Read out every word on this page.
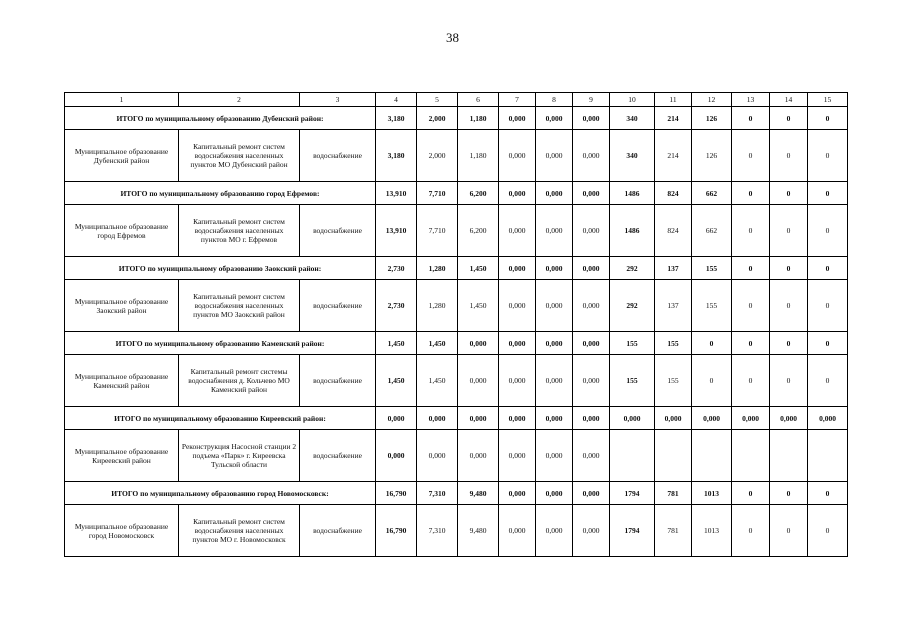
38
1	2	3	4	5	6	7	8	9	10	11	12	13	14	15
ИТОГО по муниципальному образованию Дубенский район:			3,180	2,000	1,180	0,000	0,000	0,000	340	214	126	0	0	0
Муниципальное образование Дубенский район	Капитальный ремонт систем водоснабжения населенных пунктов МО Дубенский район	водоснабжение	3,180	2,000	1,180	0,000	0,000	0,000	340	214	126	0	0	0
ИТОГО по муниципальному образованию город Ефремов:			13,910	7,710	6,200	0,000	0,000	0,000	1486	824	662	0	0	0
Муниципальное образование город Ефремов	Капитальный ремонт систем водоснабжения населенных пунктов МО г. Ефремов	водоснабжение	13,910	7,710	6,200	0,000	0,000	0,000	1486	824	662	0	0	0
ИТОГО по муниципальному образованию Заокский район:			2,730	1,280	1,450	0,000	0,000	0,000	292	137	155	0	0	0
Муниципальное образование Заокский район	Капитальный ремонт систем водоснабжения населенных пунктов МО Заокский район	водоснабжение	2,730	1,280	1,450	0,000	0,000	0,000	292	137	155	0	0	0
ИТОГО по муниципальному образованию Каменский район:			1,450	1,450	0,000	0,000	0,000	0,000	155	155	0	0	0	0
Муниципальное образование Каменский район	Капитальный ремонт системы водоснабжения д. Кольчево МО Каменский район	водоснабжение	1,450	1,450	0,000	0,000	0,000	0,000	155	155	0	0	0	0
ИТОГО по муниципальному образованию Киреевский район:			0,000	0,000	0,000	0,000	0,000	0,000	0,000	0,000	0,000	0,000	0,000	0,000
Муниципальное образование Киреевский район	Реконструкция Насосной станции 2 подъема «Парк» г. Киреевска Тульской области	водоснабжение	0,000	0,000	0,000	0,000	0,000	0,000						
ИТОГО по муниципальному образованию город Новомосковск:			16,790	7,310	9,480	0,000	0,000	0,000	1794	781	1013	0	0	0
Муниципальное образование город Новомосковск	Капитальный ремонт систем водоснабжения населенных пунктов МО г. Новомосковск	водоснабжение	16,790	7,310	9,480	0,000	0,000	0,000	1794	781	1013	0	0	0
